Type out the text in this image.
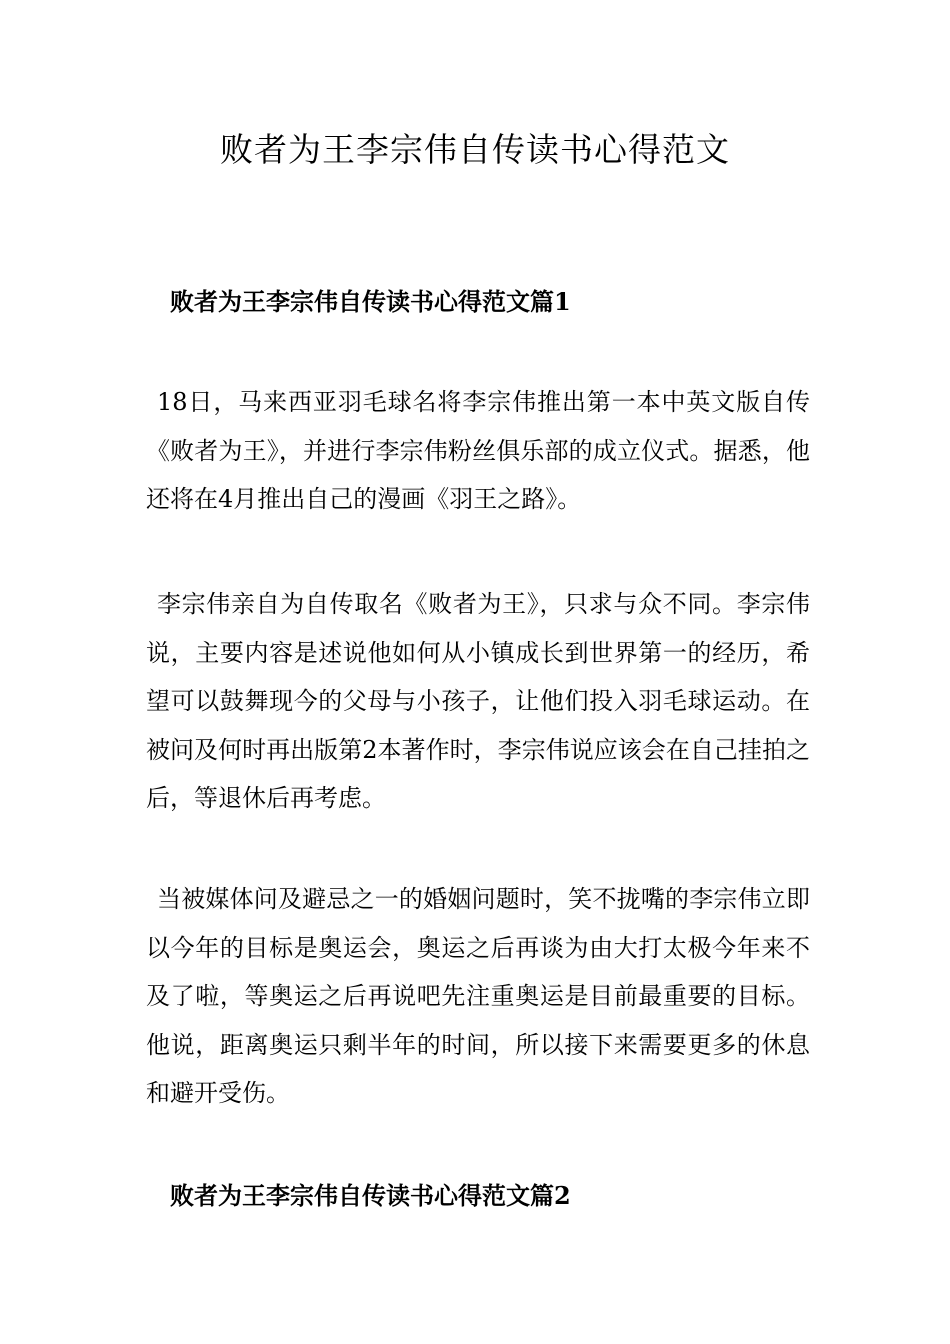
败者为王李宗伟自传读书心得范文
败者为王李宗伟自传读书心得范文篇1

18日，马来西亚羽毛球名将李宗伟推出第一本中英文版自传《败者为王》，并进行李宗伟粉丝俱乐部的成立仪式。据悉，他还将在4月推出自己的漫画《羽王之路》。

李宗伟亲自为自传取名《败者为王》，只求与众不同。李宗伟说，主要内容是述说他如何从小镇成长到世界第一的经历，希望可以鼓舞现今的父母与小孩子，让他们投入羽毛球运动。在被问及何时再出版第2本著作时，李宗伟说应该会在自己挂拍之后，等退休后再考虑。

当被媒体问及避忌之一的婚姻问题时，笑不拢嘴的李宗伟立即以今年的目标是奥运会，奥运之后再谈为由大打太极今年来不及了啦，等奥运之后再说吧先注重奥运是目前最重要的目标。他说，距离奥运只剩半年的时间，所以接下来需要更多的休息和避开受伤。

败者为王李宗伟自传读书心得范文篇2
